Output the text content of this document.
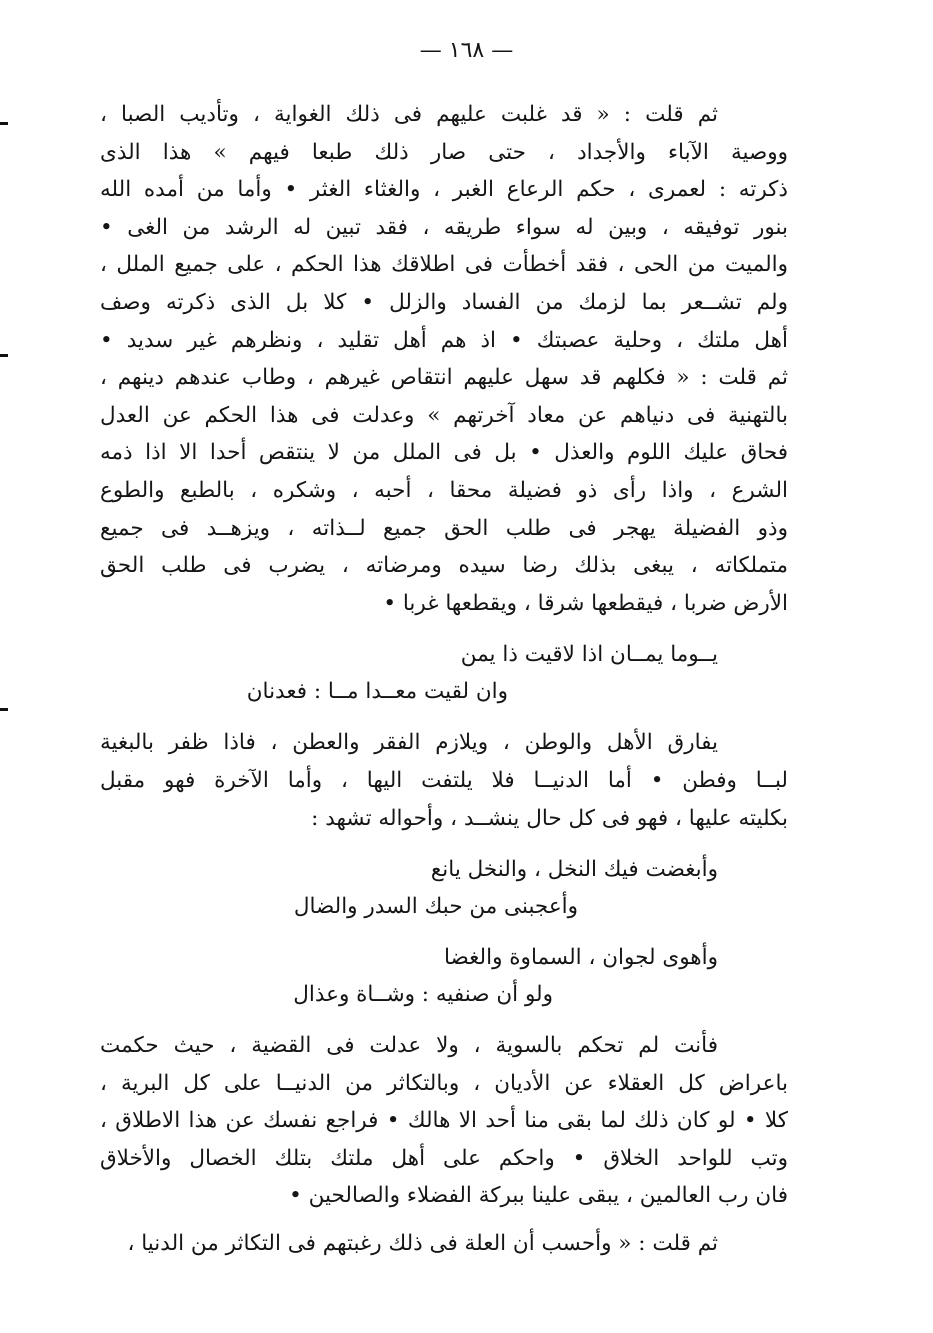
— ١٦٨ —

ثم قلت : « قد غلبت عليهم فى ذلك الغواية ، وتأديب الصبا ،

ووصية الآباء والأجداد ، حتى صار ذلك طبعا فيهم » هذا الذى

ذكرته : لعمرى ، حكم الرعاع الغبر ، والغثاء الغثر • وأما من أمده الله

بنور توفيقه ، وبين له سواء طريقه ، فقد تبين له الرشد من الغى •

والميت من الحى ، فقد أخطأت فى اطلاقك هذا الحكم ، على جميع الملل ،

ولم تشــعر بما لزمك من الفساد والزلل • كلا بل الذى ذكرته وصف

أهل ملتك ، وحلية عصبتك • اذ هم أهل تقليد ، ونظرهم غير سديد •

ثم قلت : « فكلهم قد سهل عليهم انتقاص غيرهم ، وطاب عندهم دينهم ،

بالتهنية فى دنياهم عن معاد آخرتهم » وعدلت فى هذا الحكم عن العدل

فحاق عليك اللوم والعذل • بل فى الملل من لا ينتقص أحدا الا اذا ذمه

الشرع ، واذا رأى ذو فضيلة محقا ، أحبه ، وشكره ، بالطبع والطوع

وذو الفضيلة يهجر فى طلب الحق جميع لــذاته ، ويزهــد فى جميع

متملكاته ، يبغى بذلك رضا سيده ومرضاته ، يضرب فى طلب الحق

الأرض ضربا ، فيقطعها شرقا ، ويقطعها غربا •

يــوما يمــان اذا لاقيت ذا يمن
وان لقيت معــدا مــا : فعدنان

يفارق الأهل والوطن ، ويلازم الفقر والعطن ، فاذا ظفر بالبغية

لبــا وفطن • أما الدنيــا فلا يلتفت اليها ، وأما الآخرة فهو مقبل

بكليته عليها ، فهو فى كل حال ينشــد ، وأحواله تشهد :

وأبغضت فيك النخل ، والنخل يانع
وأعجبنى من حبك السدر والضال
وأهوى لجوان ، السماوة والغضا
ولو أن صنفيه : وشــاة وعذال

فأنت لم تحكم بالسوية ، ولا عدلت فى القضية ، حيث حكمت

باعراض كل العقلاء عن الأديان ، وبالتكاثر من الدنيــا على كل البرية ،

كلا • لو كان ذلك لما بقى منا أحد الا هالك • فراجع نفسك عن هذا الاطلاق ،

وتب للواحد الخلاق • واحكم على أهل ملتك بتلك الخصال والأخلاق

فان رب العالمين ، يبقى علينا ببركة الفضلاء والصالحين •

ثم قلت : « وأحسب أن العلة فى ذلك رغبتهم فى التكاثر من الدنيا ،
